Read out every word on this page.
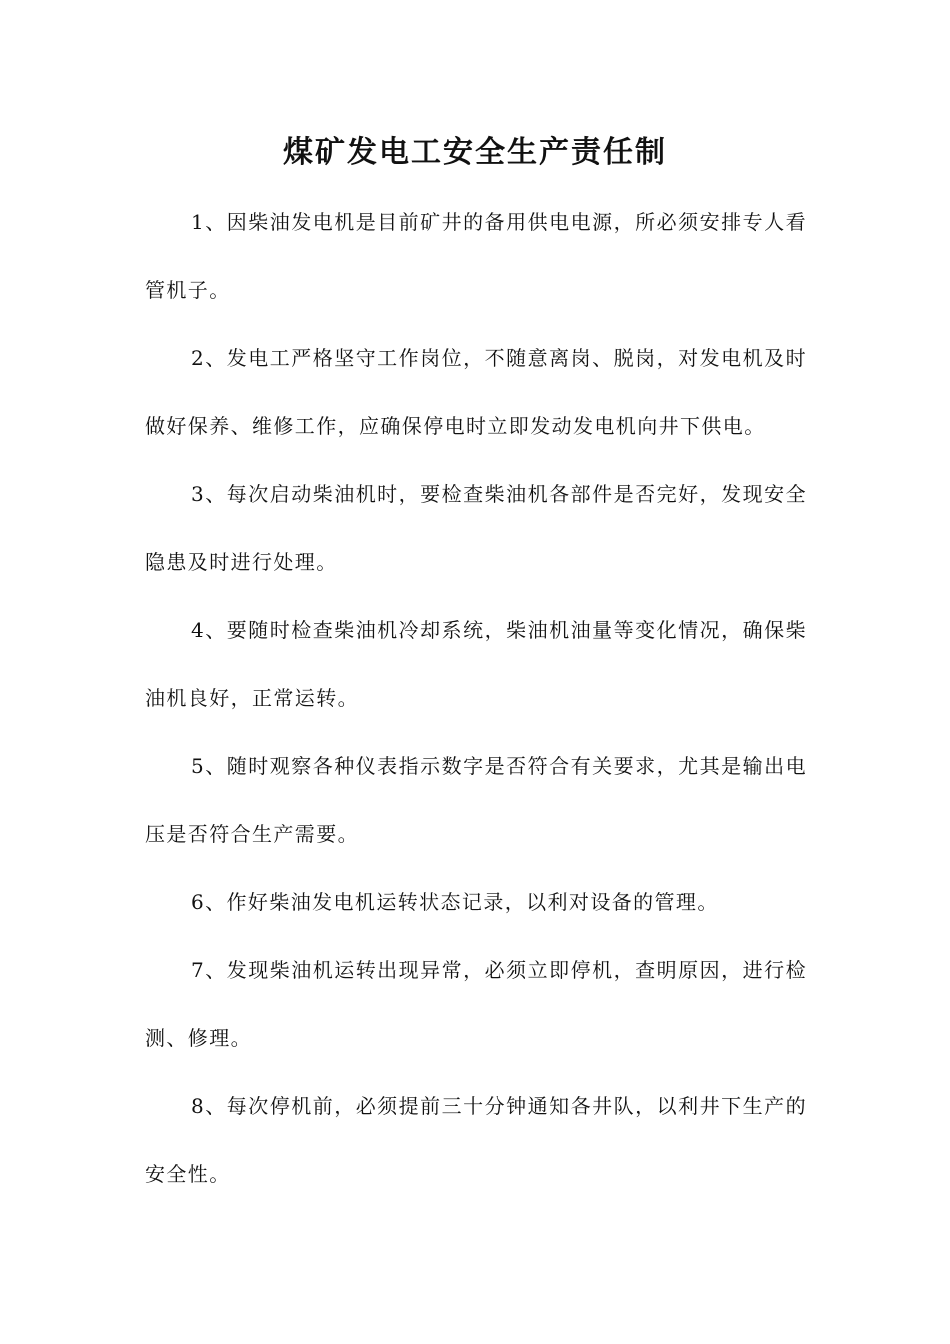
煤矿发电工安全生产责任制

1、因柴油发电机是目前矿井的备用供电电源，所必须安排专人看管机子。

2、发电工严格坚守工作岗位，不随意离岗、脱岗，对发电机及时做好保养、维修工作，应确保停电时立即发动发电机向井下供电。

3、每次启动柴油机时，要检查柴油机各部件是否完好，发现安全隐患及时进行处理。

4、要随时检查柴油机冷却系统，柴油机油量等变化情况，确保柴油机良好，正常运转。

5、随时观察各种仪表指示数字是否符合有关要求，尤其是输出电压是否符合生产需要。

6、作好柴油发电机运转状态记录，以利对设备的管理。

7、发现柴油机运转出现异常，必须立即停机，查明原因，进行检测、修理。

8、每次停机前，必须提前三十分钟通知各井队，以利井下生产的安全性。
